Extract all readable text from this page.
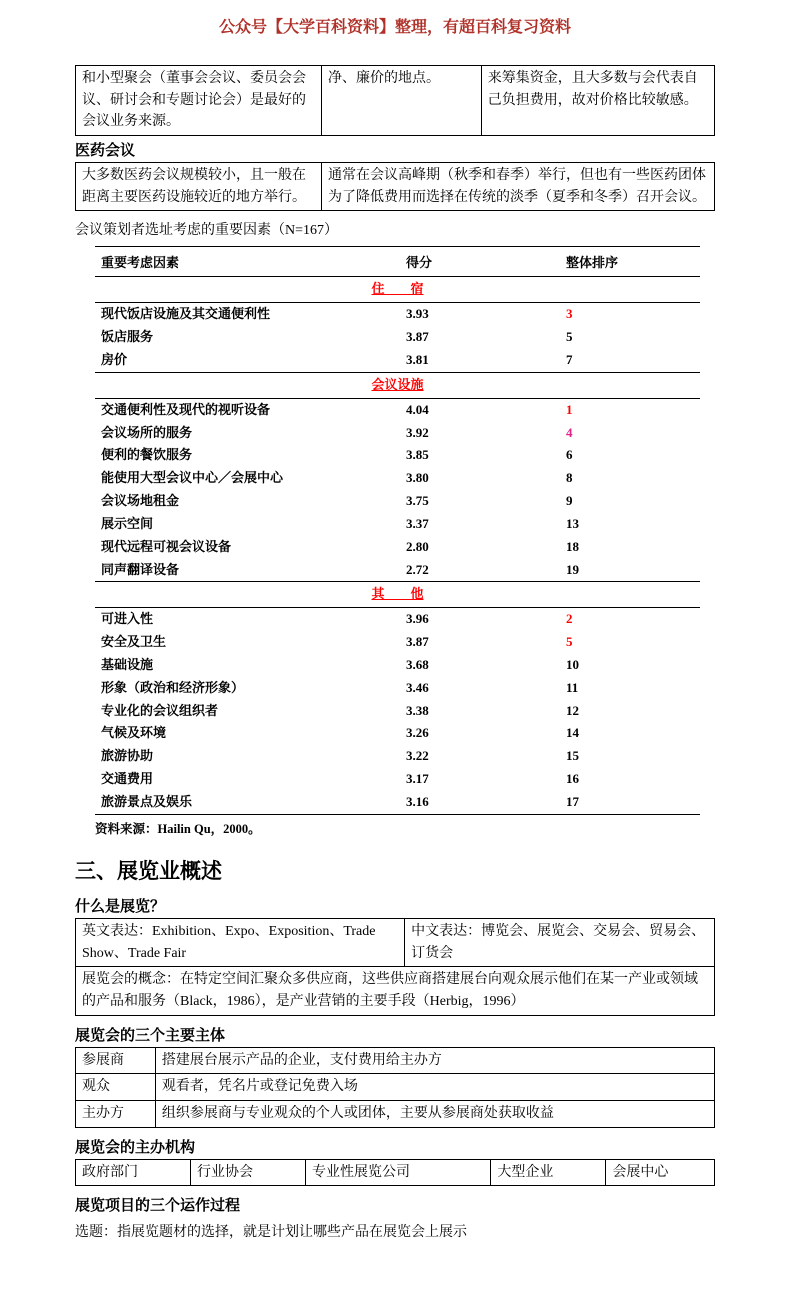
公众号【大学百科资料】整理，有超百科复习资料
和小型聚会（董事会会议、委员会会议、研讨会和专题讨论会）是最好的会议业务来源。	净、廉价的地点。	来筹集资金，且大多数与会代表自己负担费用，故对价格比较敏感。
医药会议
大多数医药会议规模较小，且一般在距离主要医药设施较近的地方举行。	通常在会议高峰期（秋季和春季）举行，但也有一些医药团体为了降低费用而选择在传统的淡季（夏季和冬季）召开会议。
会议策划者选址考虑的重要因素（N=167）
重要考虑因素	得分	整体排序
住        宿		
现代饭店设施及其交通便利性	3.93	3
饭店服务	3.87	5
房价	3.81	7
会议设施		
交通便利性及现代的视听设备	4.04	1
会议场所的服务	3.92	4
便利的餐饮服务	3.85	6
能使用大型会议中心／会展中心	3.80	8
会议场地租金	3.75	9
展示空间	3.37	13
现代远程可视会议设备	2.80	18
同声翻译设备	2.72	19
其        他		
可进入性	3.96	2
安全及卫生	3.87	5
基础设施	3.68	10
形象（政治和经济形象）	3.46	11
专业化的会议组织者	3.38	12
气候及环境	3.26	14
旅游协助	3.22	15
交通费用	3.17	16
旅游景点及娱乐	3.16	17
资料来源：Hailin Qu，2000。
三、展览业概述
什么是展览？
英文表达：Exhibition、Expo、Exposition、Trade Show、Trade Fair	中文表达：博览会、展览会、交易会、贸易会、订货会
展览会的概念：在特定空间汇聚众多供应商，这些供应商搭建展台向观众展示他们在某一产业或领域的产品和服务（Black，1986），是产业营销的主要手段（Herbig，1996）
展览会的三个主要主体
参展商	搭建展台展示产品的企业，支付费用给主办方
观众	观看者，凭名片或登记免费入场
主办方	组织参展商与专业观众的个人或团体，主要从参展商处获取收益
展览会的主办机构
政府部门	行业协会	专业性展览公司	大型企业	会展中心
展览项目的三个运作过程
选题：指展览题材的选择，就是计划让哪些产品在展览会上展示
